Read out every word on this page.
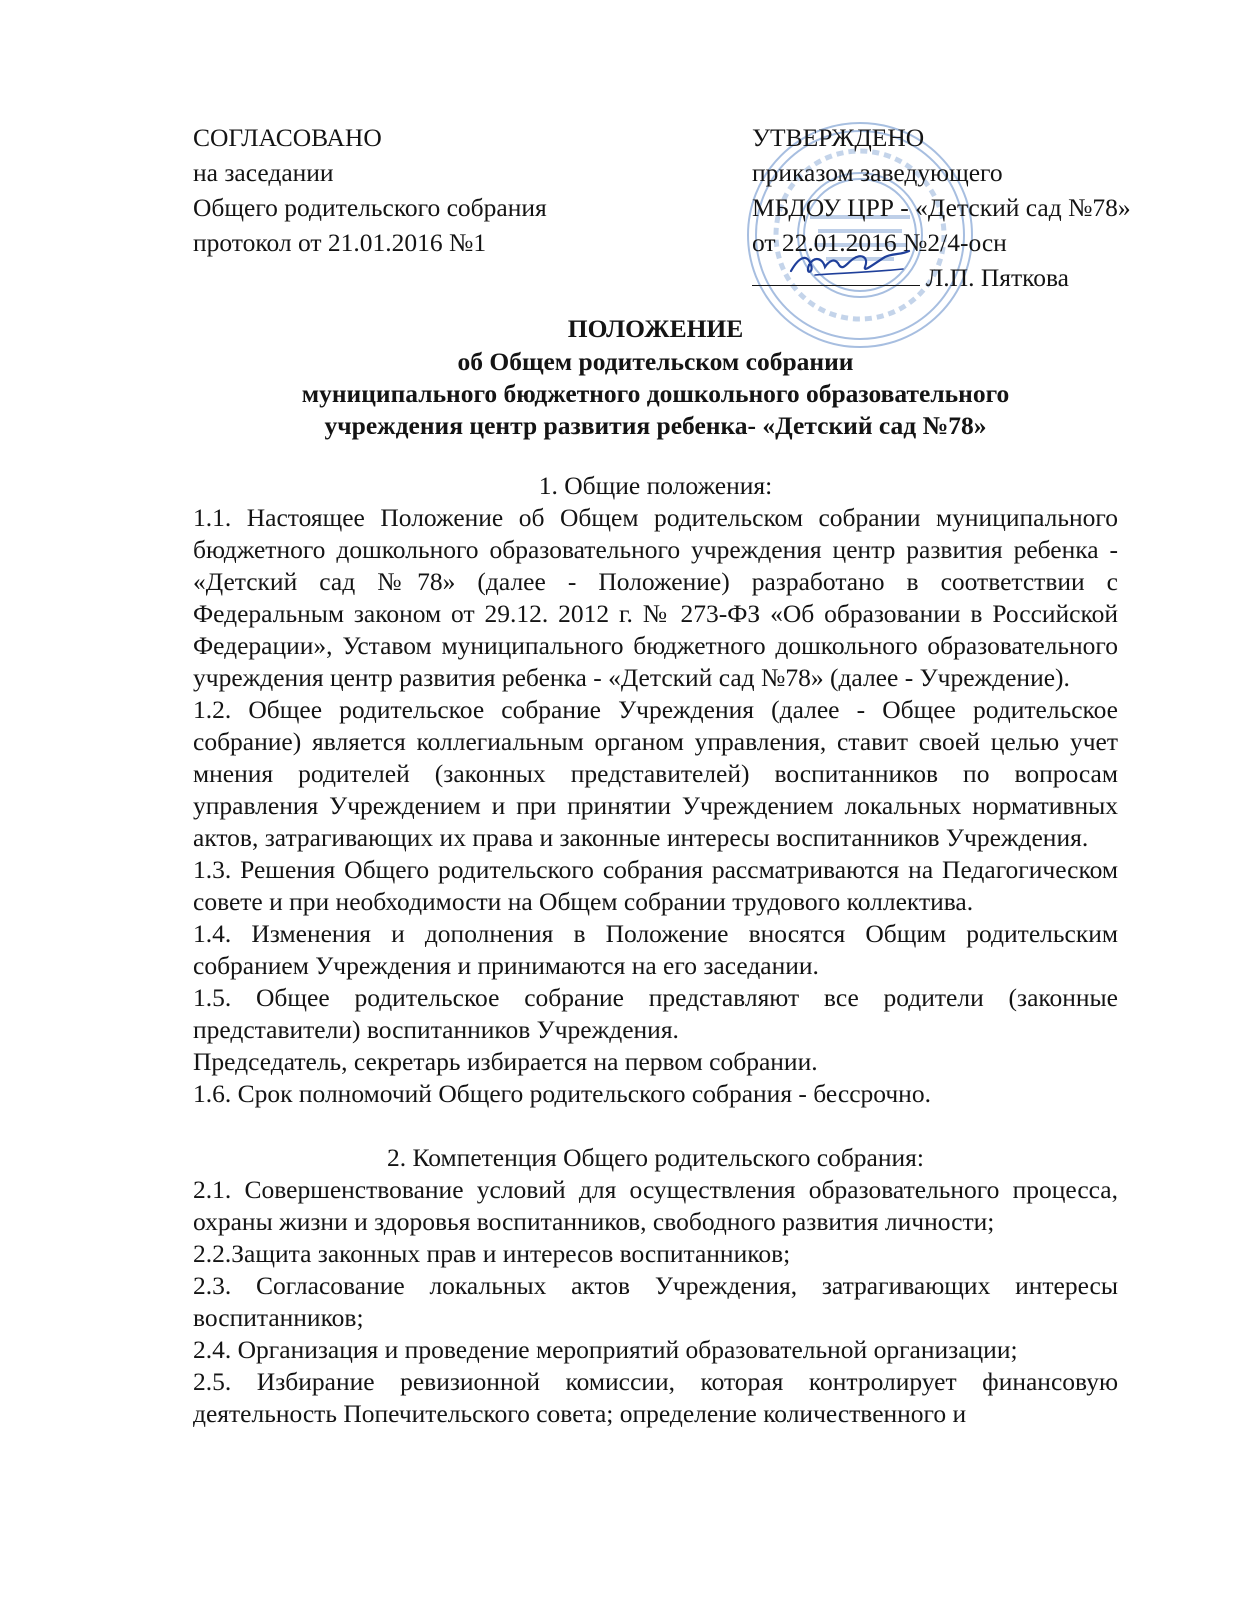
СОГЛАСОВАНО
на заседании
Общего родительского собрания
протокол от 21.01.2016 №1
УТВЕРЖДЕНО
приказом заведующего
МБДОУ ЦРР - «Детский сад №78»
от 22.01.2016 №2/4-осн
Л.П. Пяткова
ПОЛОЖЕНИЕ
об Общем родительском собрании
муниципального бюджетного дошкольного образовательного
учреждения центр развития ребенка- «Детский сад №78»
1. Общие положения:

1.1. Настоящее Положение об Общем родительском собрании муниципального бюджетного дошкольного образовательного учреждения центр развития ребенка - «Детский сад №78» (далее - Положение) разработано в соответствии с Федеральным законом от 29.12. 2012 г. № 273-ФЗ «Об образовании в Российской Федерации», Уставом муниципального бюджетного дошкольного образовательного учреждения центр развития ребенка - «Детский сад №78» (далее - Учреждение).

1.2. Общее родительское собрание Учреждения (далее - Общее родительское собрание) является коллегиальным органом управления, ставит своей целью учет мнения родителей (законных представителей) воспитанников по вопросам управления Учреждением и при принятии Учреждением локальных нормативных актов, затрагивающих их права и законные интересы воспитанников Учреждения.

1.3. Решения Общего родительского собрания рассматриваются на Педагогическом совете и при необходимости на Общем собрании трудового коллектива.

1.4. Изменения и дополнения в Положение вносятся Общим родительским собранием Учреждения и принимаются на его заседании.

1.5. Общее родительское собрание представляют все родители (законные представители) воспитанников Учреждения.

Председатель, секретарь избирается на первом собрании.

1.6. Срок полномочий Общего родительского собрания - бессрочно.

2. Компетенция Общего родительского собрания:

2.1. Совершенствование условий для осуществления образовательного процесса, охраны жизни и здоровья воспитанников, свободного развития личности;

2.2.Защита законных прав и интересов воспитанников;

2.3. Согласование локальных актов Учреждения, затрагивающих интересы воспитанников;

2.4. Организация и проведение мероприятий образовательной организации;

2.5. Избирание ревизионной комиссии, которая контролирует финансовую деятельность Попечительского совета; определение количественного и
